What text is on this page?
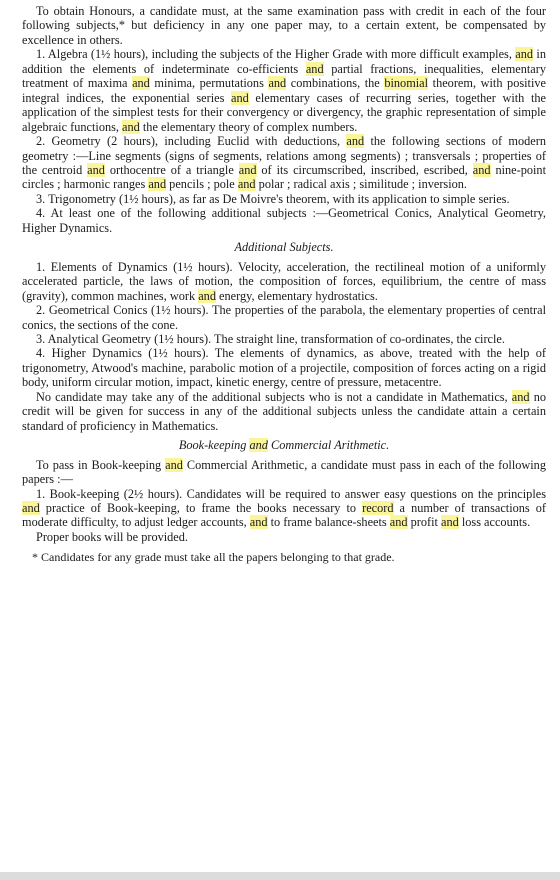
To obtain Honours, a candidate must, at the same examination pass with credit in each of the four following subjects,* but deficiency in any one paper may, to a certain extent, be compensated by excellence in others.

1. Algebra (1½ hours), including the subjects of the Higher Grade with more difficult examples, and in addition the elements of indeterminate co-efficients and partial fractions, inequalities, elementary treatment of maxima and minima, permutations and combinations, the binomial theorem, with positive integral indices, the exponential series and elementary cases of recurring series, together with the application of the simplest tests for their convergency or divergency, the graphic representation of simple algebraic functions, and the elementary theory of complex numbers.

2. Geometry (2 hours), including Euclid with deductions, and the following sections of modern geometry :—Line segments (signs of segments, relations among segments) ; transversals ; properties of the centroid and orthocentre of a triangle and of its circumscribed, inscribed, escribed, and nine-point circles ; harmonic ranges and pencils ; pole and polar ; radical axis ; similitude ; inversion.

3. Trigonometry (1½ hours), as far as De Moivre's theorem, with its application to simple series.

4. At least one of the following additional subjects :—Geometrical Conics, Analytical Geometry, Higher Dynamics.

Additional Subjects.

1. Elements of Dynamics (1½ hours). Velocity, acceleration, the rectilineal motion of a uniformly accelerated particle, the laws of motion, the composition of forces, equilibrium, the centre of mass (gravity), common machines, work and energy, elementary hydrostatics.

2. Geometrical Conics (1½ hours). The properties of the parabola, the elementary properties of central conics, the sections of the cone.

3. Analytical Geometry (1½ hours). The straight line, transformation of co-ordinates, the circle.

4. Higher Dynamics (1½ hours). The elements of dynamics, as above, treated with the help of trigonometry, Atwood's machine, parabolic motion of a projectile, composition of forces acting on a rigid body, uniform circular motion, impact, kinetic energy, centre of pressure, metacentre.

No candidate may take any of the additional subjects who is not a candidate in Mathematics, and no credit will be given for success in any of the additional subjects unless the candidate attain a certain standard of proficiency in Mathematics.

Book-keeping and Commercial Arithmetic.

To pass in Book-keeping and Commercial Arithmetic, a candidate must pass in each of the following papers :—

1. Book-keeping (2½ hours). Candidates will be required to answer easy questions on the principles and practice of Book-keeping, to frame the books necessary to record a number of transactions of moderate difficulty, to adjust ledger accounts, and to frame balance-sheets and profit and loss accounts.

Proper books will be provided.

* Candidates for any grade must take all the papers belonging to that grade.
